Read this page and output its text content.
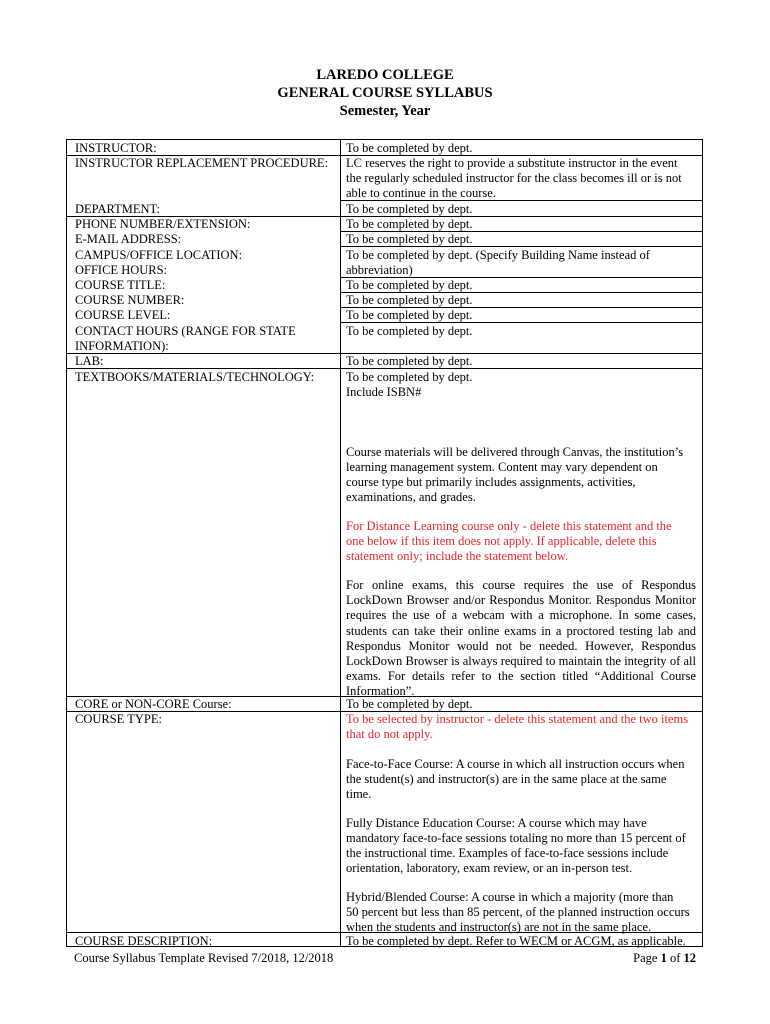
LAREDO COLLEGE
GENERAL COURSE SYLLABUS
Semester, Year
INSTRUCTOR:
INSTRUCTOR REPLACEMENT PROCEDURE:
DEPARTMENT:
PHONE NUMBER/EXTENSION:
E-MAIL ADDRESS:
CAMPUS/OFFICE LOCATION:
OFFICE HOURS:
COURSE TITLE:
COURSE NUMBER:
COURSE LEVEL:
CONTACT HOURS (RANGE FOR STATE
INFORMATION):
LAB:
TEXTBOOKS/MATERIALS/TECHNOLOGY:
CORE or NON-CORE Course:
COURSE TYPE:
COURSE DESCRIPTION:
To be completed by dept.
LC reserves the right to provide a substitute instructor in the event
the regularly scheduled instructor for the class becomes ill or is not
able to continue in the course.
To be completed by dept.
To be completed by dept.
To be completed by dept.
To be completed by dept. (Specify Building Name instead of
abbreviation)
To be completed by dept.
To be completed by dept.
To be completed by dept.
To be completed by dept.
To be completed by dept.
To be completed by dept.
Include ISBN#
Course materials will be delivered through Canvas, the institution’s
learning management system. Content may vary dependent on
course type but primarily includes assignments, activities,
examinations, and grades.
For Distance Learning course only - delete this statement and the
one below if this item does not apply. If applicable, delete this
statement only; include the statement below.
For online exams, this course requires the use of Respondus LockDown Browser and/or Respondus Monitor. Respondus Monitor requires the use of a webcam with a microphone. In some cases, students can take their online exams in a proctored testing lab and Respondus Monitor would not be needed. However, Respondus LockDown Browser is always required to maintain the integrity of all exams. For details refer to the section titled “Additional Course Information”.
To be completed by dept.
To be selected by instructor - delete this statement and the two items
that do not apply.
Face-to-Face Course: A course in which all instruction occurs when
the student(s) and instructor(s) are in the same place at the same
time.
Fully Distance Education Course: A course which may have
mandatory face-to-face sessions totaling no more than 15 percent of
the instructional time. Examples of face-to-face sessions include
orientation, laboratory, exam review, or an in-person test.
Hybrid/Blended Course: A course in which a majority (more than
50 percent but less than 85 percent, of the planned instruction occurs
when the students and instructor(s) are not in the same place.
To be completed by dept. Refer to WECM or ACGM, as applicable.
Course Syllabus Template Revised 7/2018, 12/2018	Page 1 of 12
